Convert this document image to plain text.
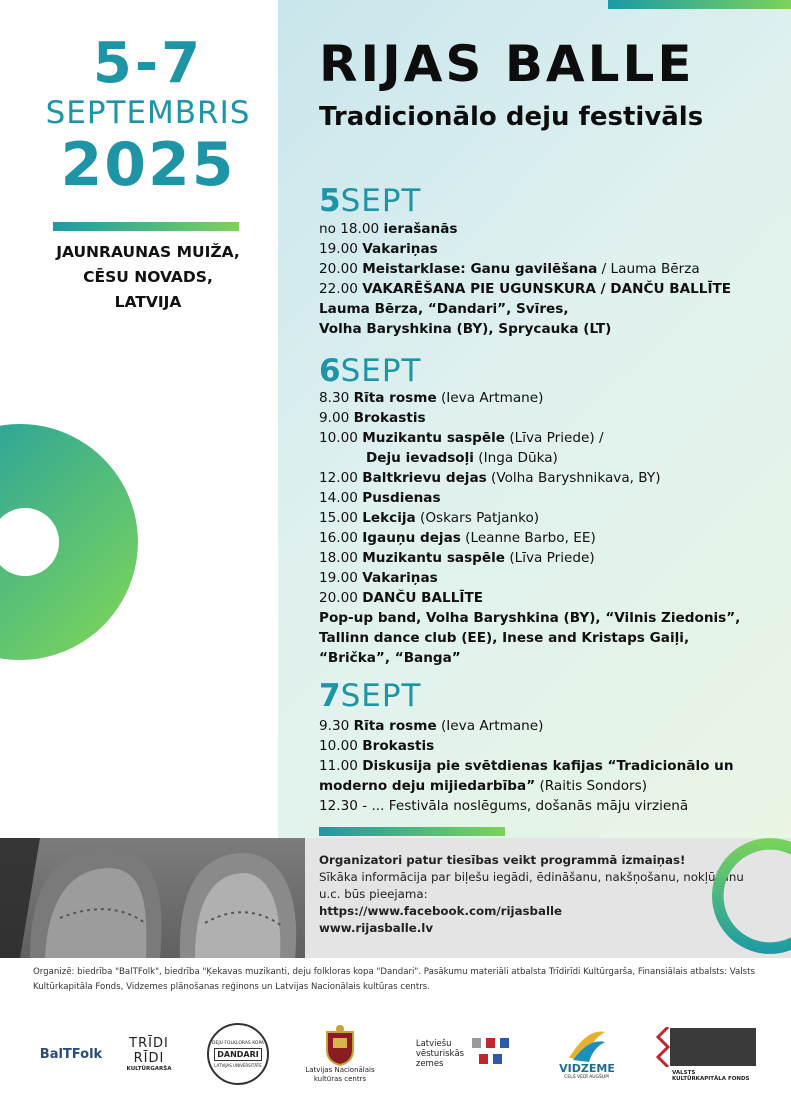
5-7
SEPTEMBRIS
2025
JAUNRAUNAS MUIŽA,
CĒSU NOVADS,
LATVIJA
RIJAS BALLE
Tradicionālo deju festivāls
5SEPT
no 18.00 ierašanās
19.00 Vakariņas
20.00 Meistarklase: Ganu gavilēšana / Lauma Bērza
22.00 VAKARĒŠANA PIE UGUNSKURA / DANČU BALLĪTE
Lauma Bērza, “Dandari”, Svīres,
Volha Baryshkina (BY), Sprycauka (LT)
6SEPT
8.30 Rīta rosme (Ieva Artmane)
9.00 Brokastis
10.00 Muzikantu saspēle (Līva Priede) /
Deju ievadsoļi (Inga Dūka)
12.00 Baltkrievu dejas (Volha Baryshnikava, BY)
14.00 Pusdienas
15.00 Lekcija (Oskars Patjanko)
16.00 Igauņu dejas (Leanne Barbo, EE)
18.00 Muzikantu saspēle (Līva Priede)
19.00 Vakariņas
20.00 DANČU BALLĪTE
Pop-up band, Volha Baryshkina (BY), “Vilnis Ziedonis”,
Tallinn dance club (EE), Inese and Kristaps Gaiļi,
“Brička”, “Banga”
7SEPT
9.30 Rīta rosme (Ieva Artmane)
10.00 Brokastis
11.00 Diskusija pie svētdienas kafijas “Tradicionālo un
moderno deju mijiedarbība” (Raitis Sondors)
12.30 - ... Festivāla noslēgums, došanās māju virzienā
Organizatori patur tiesības veikt programmā izmaiņas!
Sīkāka informācija par biļešu iegādi, ēdināšanu, nakšņošanu, nokļūšanu
u.c. būs pieejama:
https://www.facebook.com/rijasballe
www.rijasballe.lv
Organizē: biedrība "BalTFolk", biedrība "Ķekavas muzikanti, deju folkloras kopa "Dandari". Pasākumu materiāli atbalsta Trīdirīdi Kultūrgarša, Finansiālais atbalsts: Valsts Kultūrkapitāla Fonds, Vidzemes plānošanas reģinons un Latvijas Nacionālais kultūras centrs.
BalTFolk
TRĪDI
RĪDI
KULTŪRGARŠA
DEJU FOLKLORAS KOPA
DANDARI
LATVIJAS UNIVERSITĀTE
Latvijas Nacionālais
kultūras centrs
Latviešu
vēsturiskās
zemes	VIDZEME
CEĻŠ VEDĪ AUGŠUP!
VALSTS
KULTŪRKAPITĀLA FONDS
